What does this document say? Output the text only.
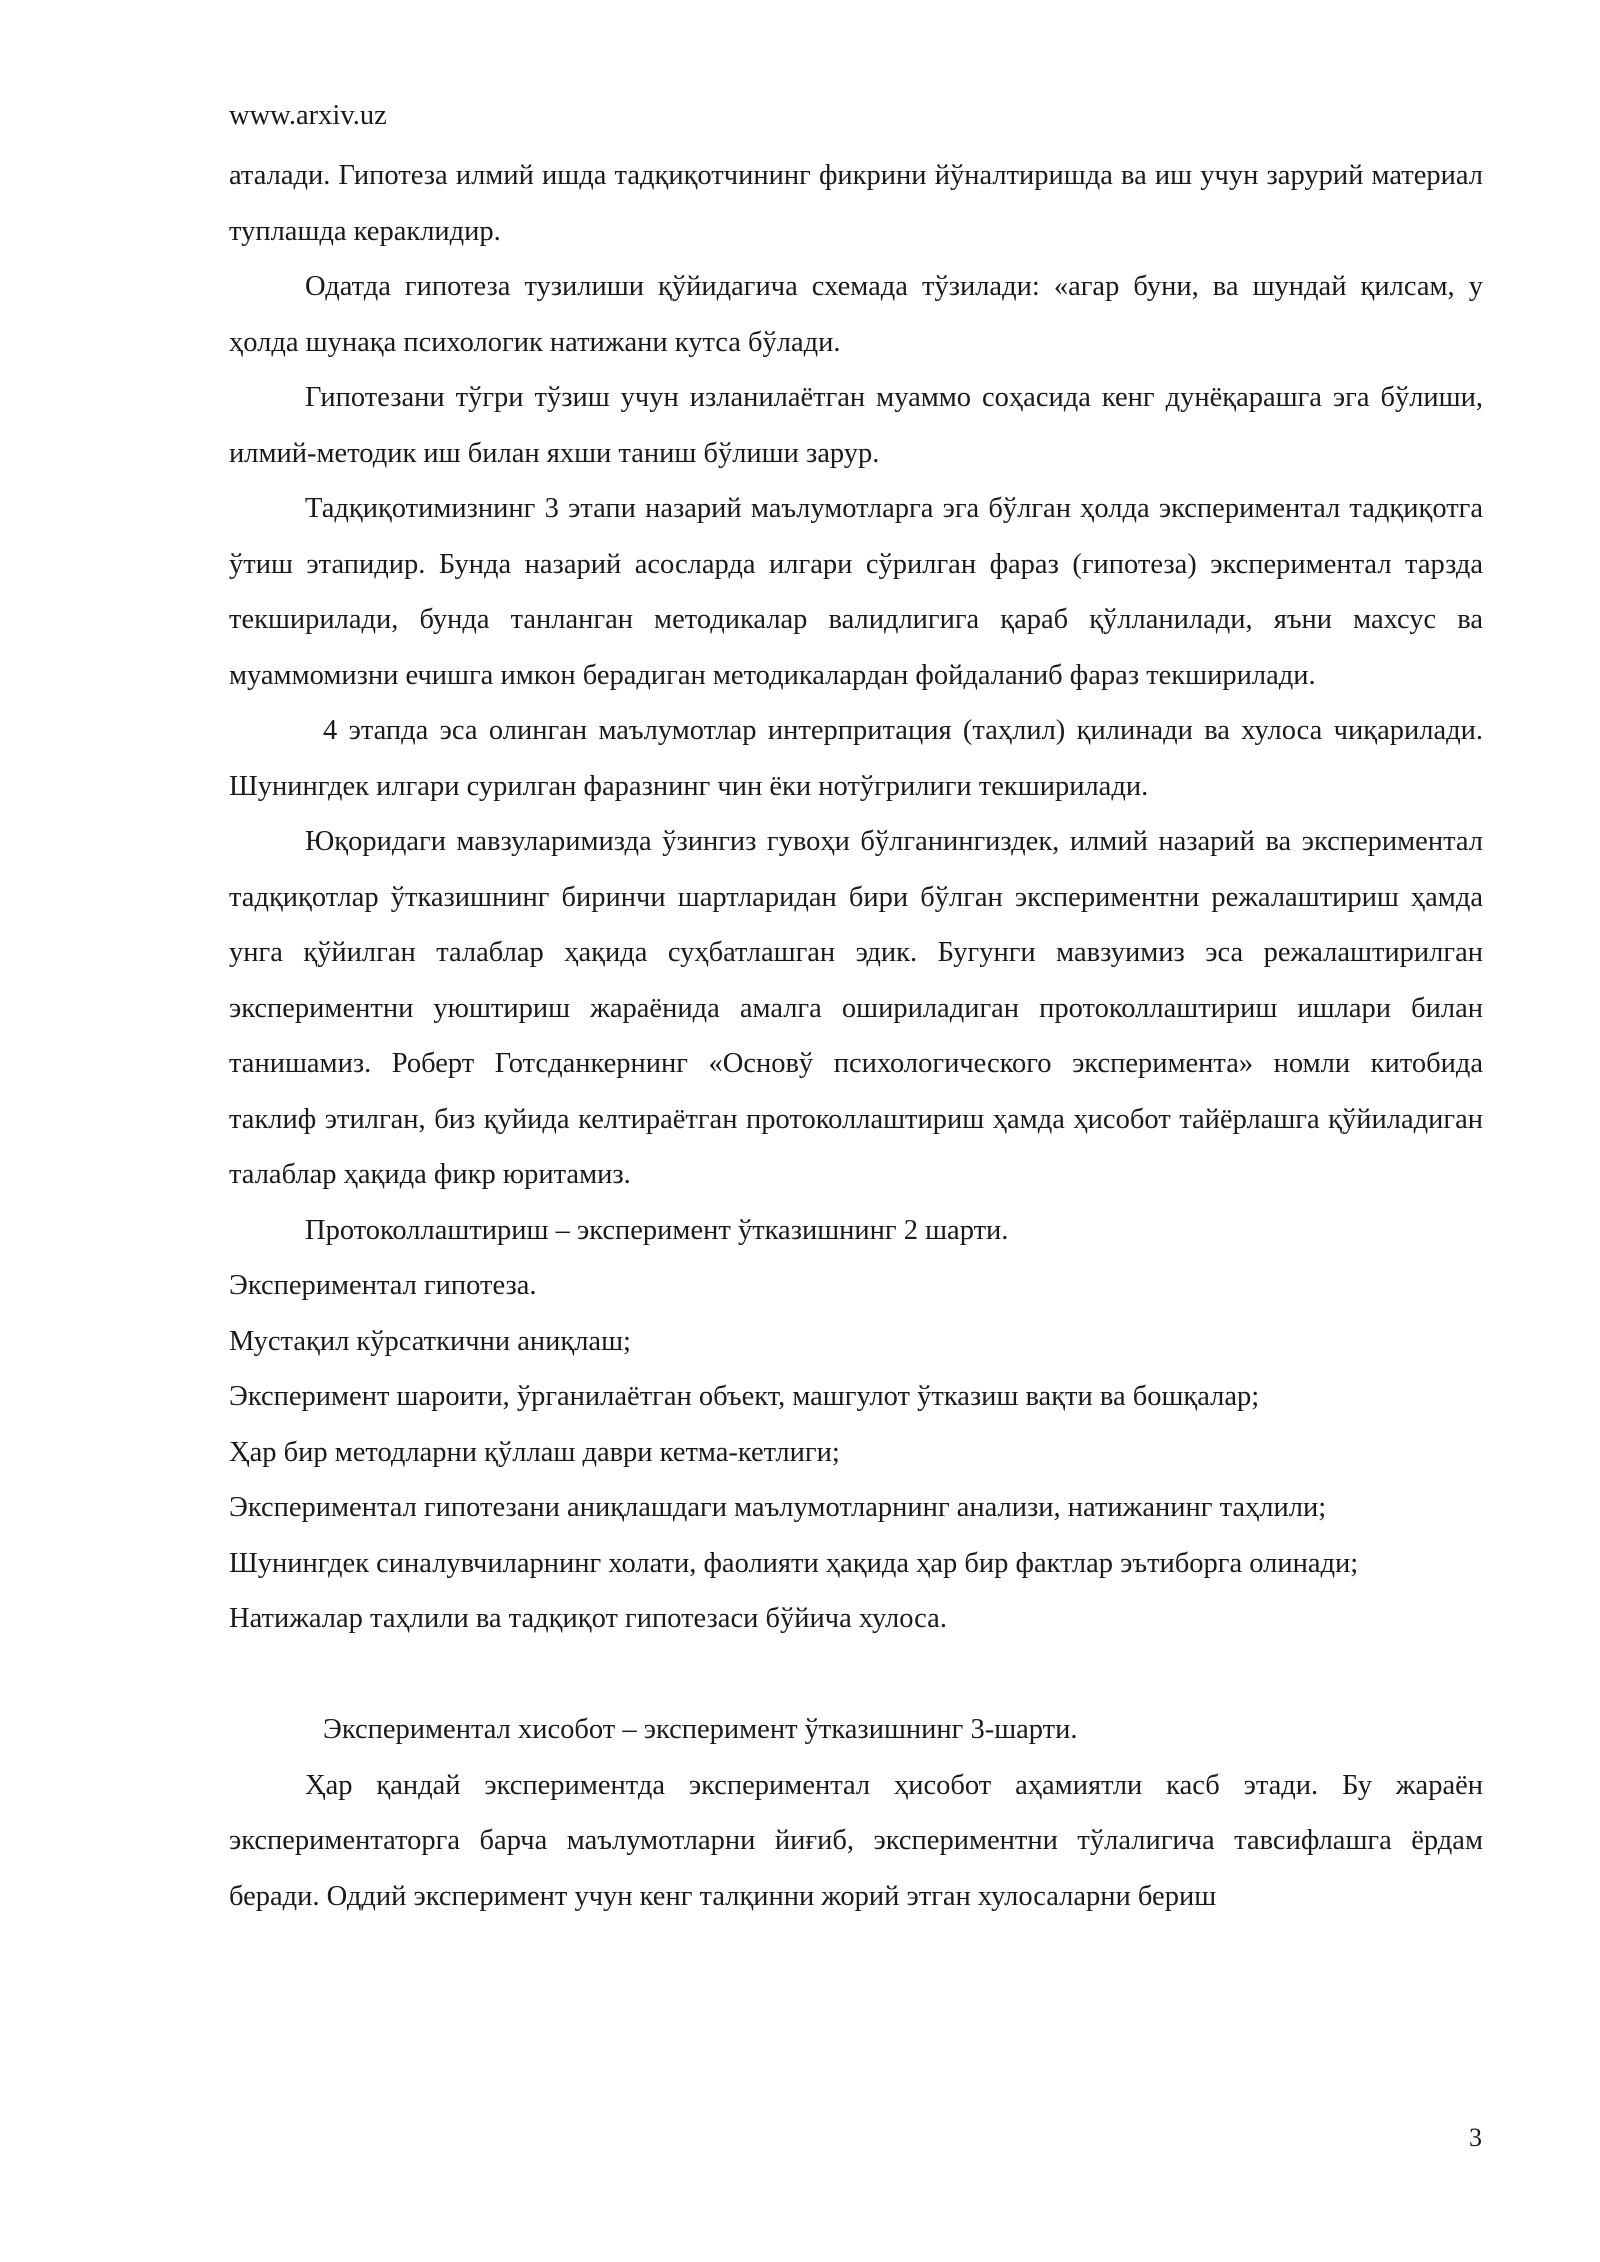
www.arxiv.uz

аталади. Гипотеза илмий ишда тадқиқотчининг фикрини йўналтиришда ва иш учун зарурий материал туплашда кераклидир.

Одатда гипотеза тузилиши қўйидагича схемада тўзилади: «агар буни, ва шундай қилсам, у ҳолда шунақа психологик натижани кутса бўлади.

Гипотезани тўгри тўзиш учун изланилаётган муаммо соҳасида кенг дунёқарашга эга бўлиши, илмий-методик иш билан яхши таниш бўлиши зарур.

Тадқиқотимизнинг 3 этапи назарий маълумотларга эга бўлган ҳолда экспериментал тадқиқотга ўтиш этапидир. Бунда назарий асосларда илгари сўрилган фараз (гипотеза) экспериментал тарзда текширилади, бунда танланган методикалар валидлигига қараб қўлланилади, яъни махсус ва муаммомизни ечишга имкон берадиган методикалардан фойдаланиб фараз текширилади.

4 этапда эса олинган маълумотлар интерпритация (таҳлил) қилинади ва хулоса чиқарилади. Шунингдек илгари сурилган фаразнинг чин ёки нотўгрилиги текширилади.

Юқоридаги мавзуларимизда ўзингиз гувоҳи бўлганингиздек, илмий назарий ва экспериментал тадқиқотлар ўтказишнинг биринчи шартларидан бири бўлган экспериментни режалаштириш ҳамда унга қўйилган талаблар ҳақида суҳбатлашган эдик. Бугунги мавзуимиз эса режалаштирилган экспериментни уюштириш жараёнида амалга ошириладиган протоколлаштириш ишлари билан танишамиз. Роберт Готсданкернинг «Основў психологического эксперимента» номли китобида таклиф этилган, биз қуйида келтираётган протоколлаштириш ҳамда ҳисобот тайёрлашга қўйиладиган талаблар ҳақида фикр юритамиз.

Протоколлаштириш – эксперимент ўтказишнинг 2 шарти.

Экспериментал гипотеза.

Мустақил кўрсаткични аниқлаш;

Эксперимент шароити, ўрганилаётган объект, машгулот ўтказиш вақти ва бошқалар;

Ҳар бир методларни қўллаш даври кетма-кетлиги;

Экспериментал гипотезани аниқлашдаги маълумотларнинг анализи, натижанинг таҳлили;

Шунингдек синалувчиларнинг холати, фаолияти ҳақида ҳар бир фактлар эътиборга олинади;

Натижалар таҳлили ва тадқиқот гипотезаси бўйича хулоса.

Экспериментал хисобот – эксперимент ўтказишнинг 3-шарти.

Ҳар қандай экспериментда экспериментал ҳисобот аҳамиятли касб этади. Бу жараён экспериментаторга барча маълумотларни йиғиб, экспериментни тўлалигича тавсифлашга ёрдам беради. Оддий эксперимент учун кенг талқинни жорий этган хулосаларни бериш

3
